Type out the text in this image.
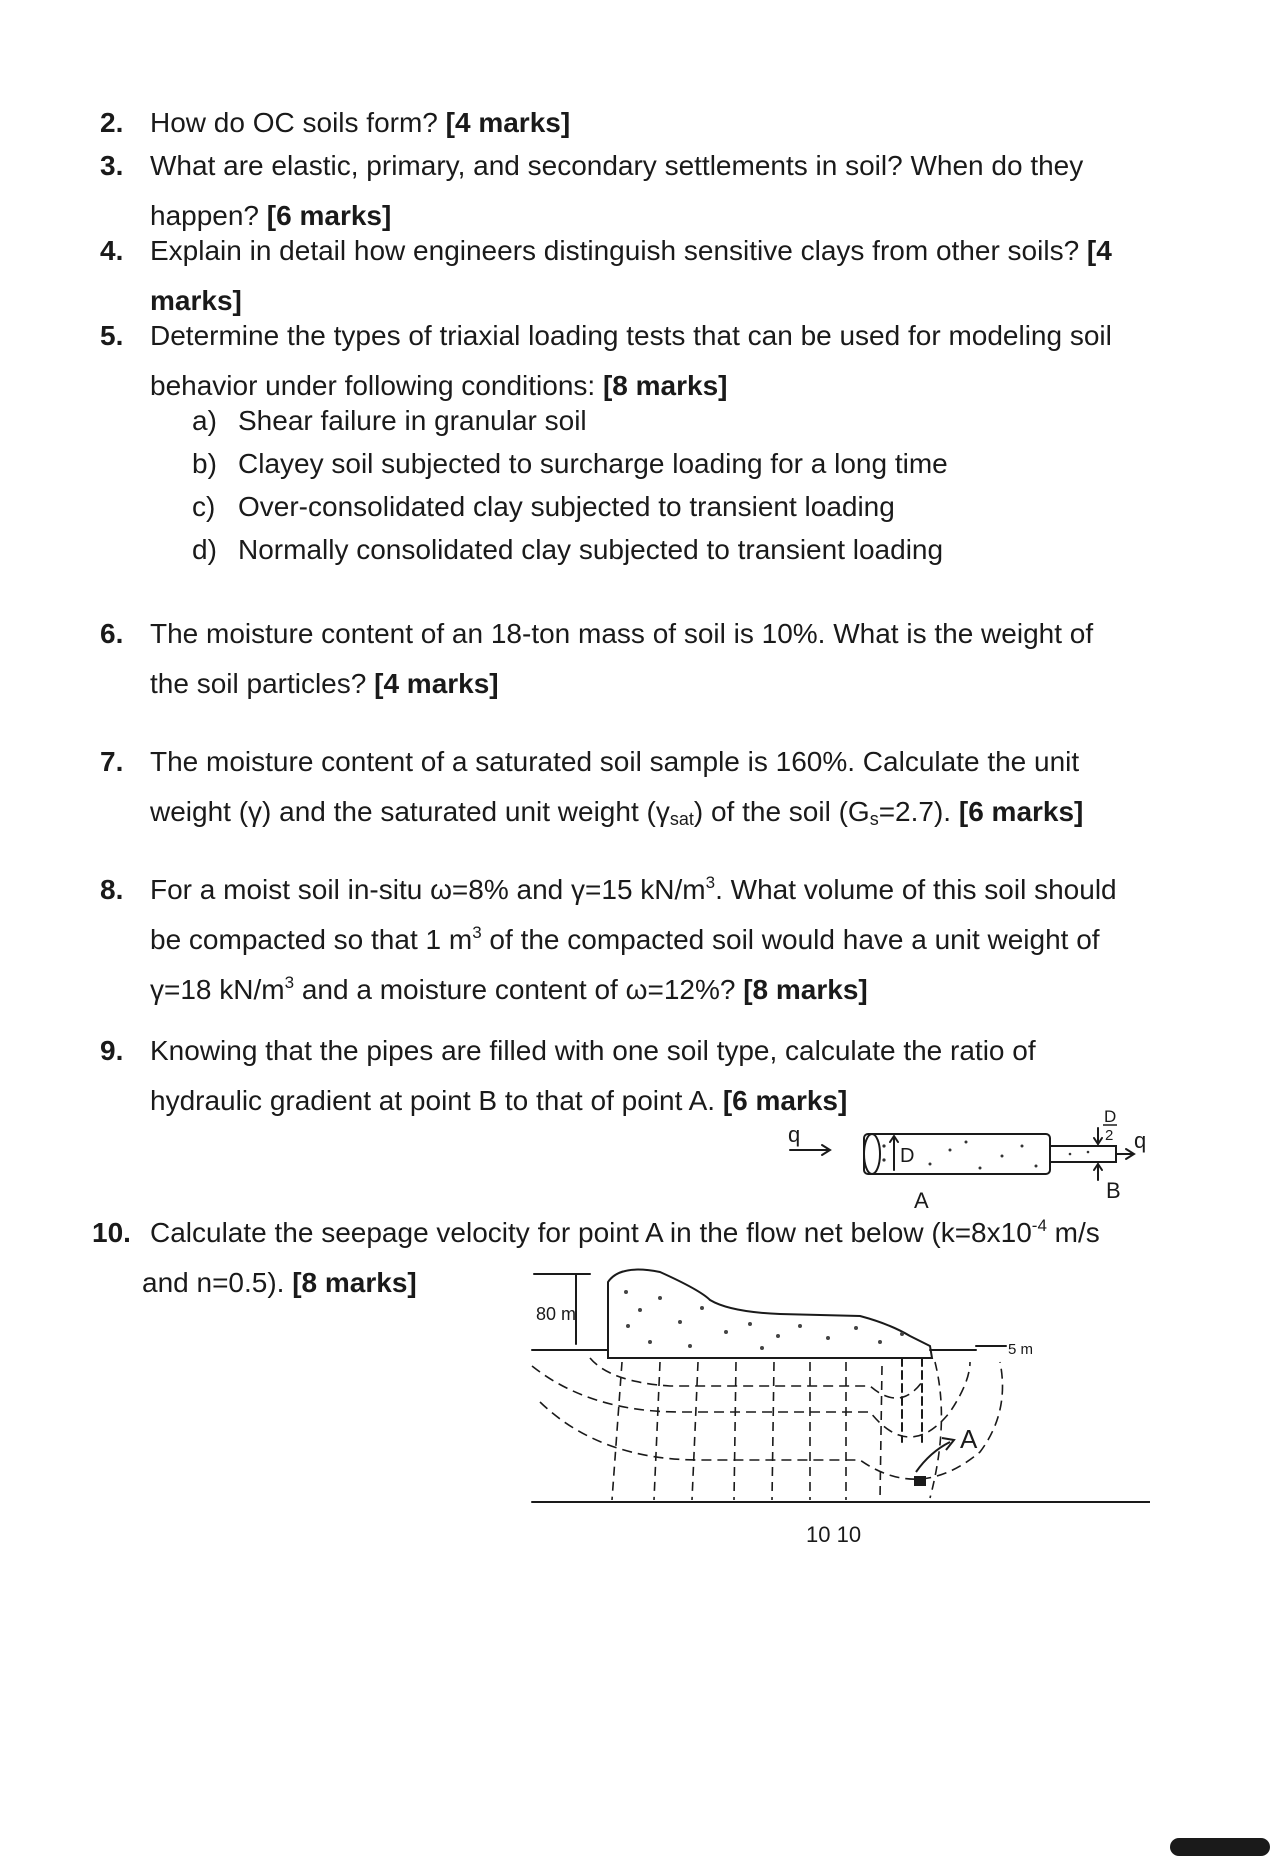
2. How do OC soils form? [4 marks]
3. What are elastic, primary, and secondary settlements in soil? When do they
happen? [6 marks]
4. Explain in detail how engineers distinguish sensitive clays from other soils? [4
marks]
5. Determine the types of triaxial loading tests that can be used for modeling soil
behavior under following conditions: [8 marks]
a) Shear failure in granular soil
b) Clayey soil subjected to surcharge loading for a long time
c) Over-consolidated clay subjected to transient loading
d) Normally consolidated clay subjected to transient loading
6. The moisture content of an 18-ton mass of soil is 10%. What is the weight of
the soil particles? [4 marks]
7. The moisture content of a saturated soil sample is 160%. Calculate the unit
weight (γ) and the saturated unit weight $(\gamma_{sat})$ of the soil $(G_s=2.7)$. [6 marks]
8. For a moist soil in-situ ω=8% and γ=15 $kN/m^3$. What volume of this soil should
be compacted so that 1 $m^3$ of the compacted soil would have a unit weight of
γ=18 $kN/m^3$ and a moisture content of ω=12%? [8 marks]
9. Knowing that the pipes are filled with one soil type, calculate the ratio of
hydraulic gradient at point B to that of point A. [6 marks]
q	q
D
D
2
A	B
10. Calculate the seepage velocity for point A in the flow net below ($k=8x10^{-4}$ m/s
and n=0.5). [8 marks]
80 m
5 m
A
10 10
